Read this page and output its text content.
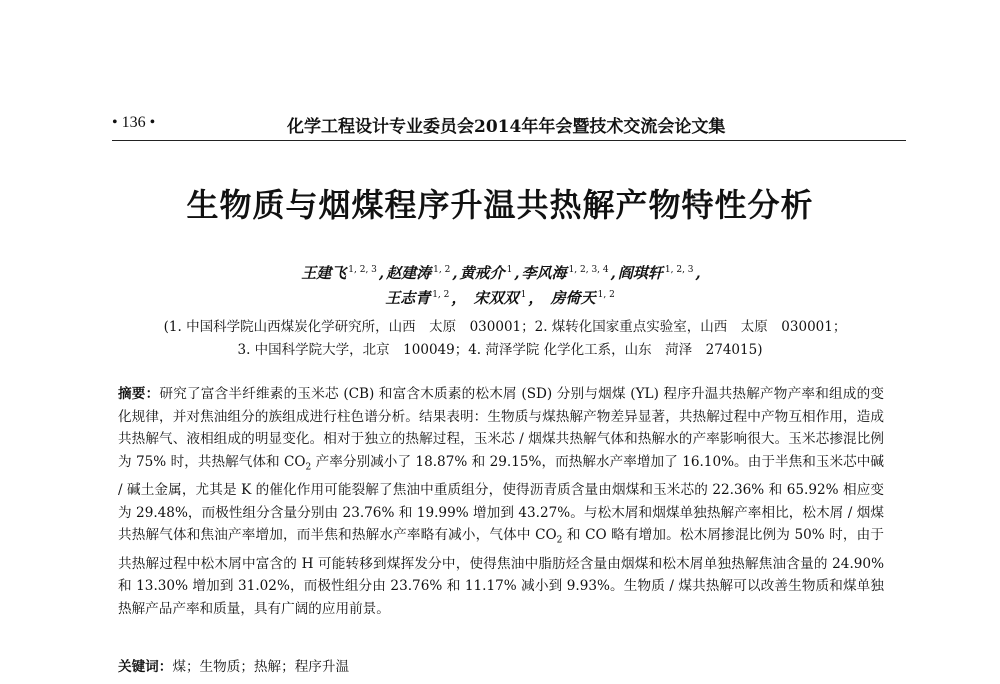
• 136 •	化学工程设计专业委员会2014年年会暨技术交流会论文集
生物质与烟煤程序升温共热解产物特性分析
王建飞 $^{1, 2, 3}$ , 赵建涛 $^{1, 2}$ , 黄戒介 $^1$ , 李风海 $^{1, 2, 3, 4}$ , 阎琪轩 $^{1, 2, 3}$ ,
王志青 $^{1, 2}$ ， 宋双双 $^1$ ， 房倚天 $^{1, 2}$
(1. 中国科学院山西煤炭化学研究所，山西　太原　030001；2. 煤转化国家重点实验室，山西　太原　030001；
3. 中国科学院大学，北京　100049；4. 菏泽学院 化学化工系，山东　菏泽　274015)
摘要：研究了富含半纤维素的玉米芯 (CB) 和富含木质素的松木屑 (SD) 分别与烟煤 (YL) 程序升温共热解产物产率和组成的变化规律，并对焦油组分的族组成进行柱色谱分析。结果表明：生物质与煤热解产物差异显著，共热解过程中产物互相作用，造成共热解气、液相组成的明显变化。相对于独立的热解过程，玉米芯 / 烟煤共热解气体和热解水的产率影响很大。玉米芯掺混比例为 75% 时，共热解气体和 $CO_2$ 产率分别减小了 18.87% 和 29.15%，而热解水产率增加了 16.10%。由于半焦和玉米芯中碱 / 碱土金属，尤其是 K 的催化作用可能裂解了焦油中重质组分，使得沥青质含量由烟煤和玉米芯的 22.36% 和 65.92% 相应变为 29.48%，而极性组分含量分别由 23.76% 和 19.99% 增加到 43.27%。与松木屑和烟煤单独热解产率相比，松木屑 / 烟煤共热解气体和焦油产率增加，而半焦和热解水产率略有减小，气体中 $CO_2$ 和 CO 略有增加。松木屑掺混比例为 50% 时，由于共热解过程中松木屑中富含的 H 可能转移到煤挥发分中，使得焦油中脂肪烃含量由烟煤和松木屑单独热解焦油含量的 24.90% 和 13.30% 增加到 31.02%，而极性组分由 23.76% 和 11.17% 减小到 9.93%。生物质 / 煤共热解可以改善生物质和煤单独热解产品产率和质量，具有广阔的应用前景。
关键词：煤；生物质；热解；程序升温
